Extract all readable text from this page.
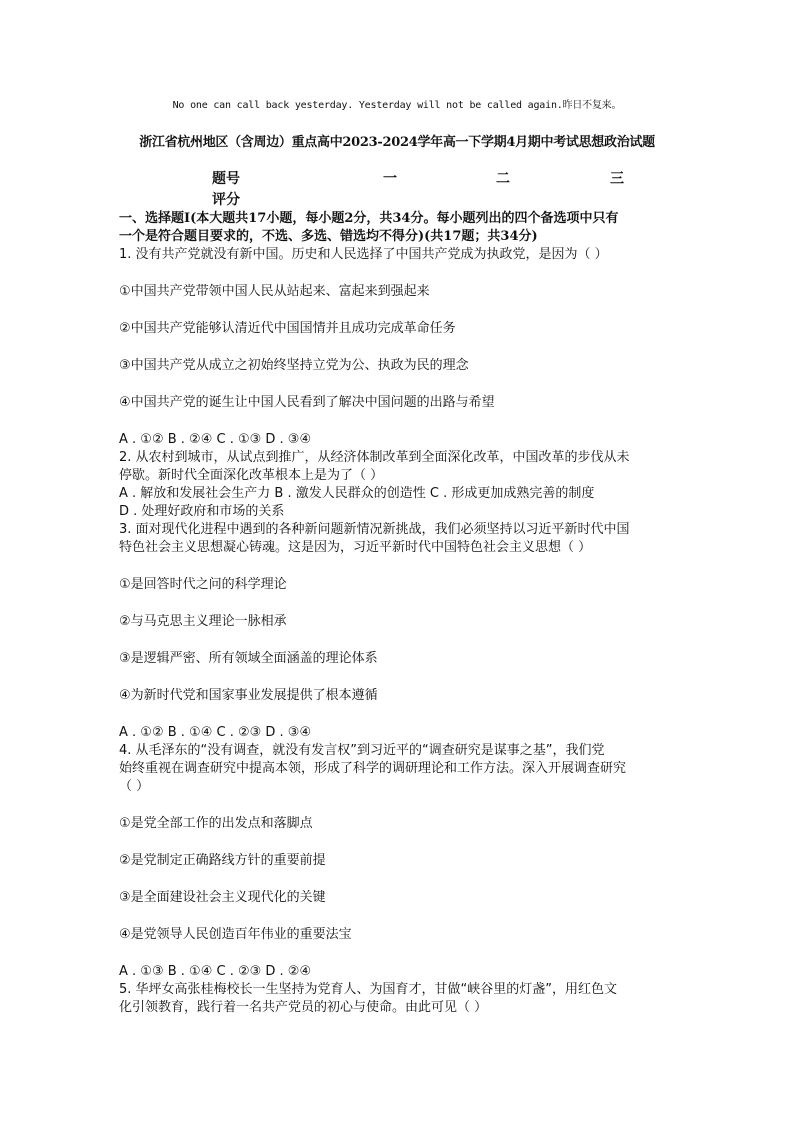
No one can call back yesterday. Yesterday will not be called again.昨日不复来。
浙江省杭州地区（含周边）重点高中2023-2024学年高一下学期4月期中考试思想政治试题
题号	一	二	三
评分
一、选择题Ⅰ(本大题共17小题，每小题2分，共34分。每小题列出的四个备选项中只有
一个是符合题目要求的，不选、多选、错选均不得分)(共17题；共34分)
1. 没有共产党就没有新中国。历史和人民选择了中国共产党成为执政党，是因为（ ）
①中国共产党带领中国人民从站起来、富起来到强起来
②中国共产党能够认清近代中国国情并且成功完成革命任务
③中国共产党从成立之初始终坚持立党为公、执政为民的理念
④中国共产党的诞生让中国人民看到了解决中国问题的出路与希望
A . ①② B . ②④ C . ①③ D . ③④
2. 从农村到城市，从试点到推广，从经济体制改革到全面深化改革，中国改革的步伐从未
停歇。新时代全面深化改革根本上是为了（ ）
A . 解放和发展社会生产力 B . 激发人民群众的创造性 C . 形成更加成熟完善的制度
D . 处理好政府和市场的关系
3. 面对现代化进程中遇到的各种新问题新情况新挑战，我们必须坚持以习近平新时代中国
特色社会主义思想凝心铸魂。这是因为，习近平新时代中国特色社会主义思想（ ）
①是回答时代之问的科学理论
②与马克思主义理论一脉相承
③是逻辑严密、所有领域全面涵盖的理论体系
④为新时代党和国家事业发展提供了根本遵循
A . ①② B . ①④ C . ②③ D . ③④
4. 从毛泽东的“没有调查，就没有发言权”到习近平的“调查研究是谋事之基”，我们党
始终重视在调查研究中提高本领，形成了科学的调研理论和工作方法。深入开展调查研究
（ ）
①是党全部工作的出发点和落脚点
②是党制定正确路线方针的重要前提
③是全面建设社会主义现代化的关键
④是党领导人民创造百年伟业的重要法宝
A . ①③ B . ①④ C . ②③ D . ②④
5. 华坪女高张桂梅校长一生坚持为党育人、为国育才，甘做“峡谷里的灯盏”，用红色文
化引领教育，践行着一名共产党员的初心与使命。由此可见（ ）
